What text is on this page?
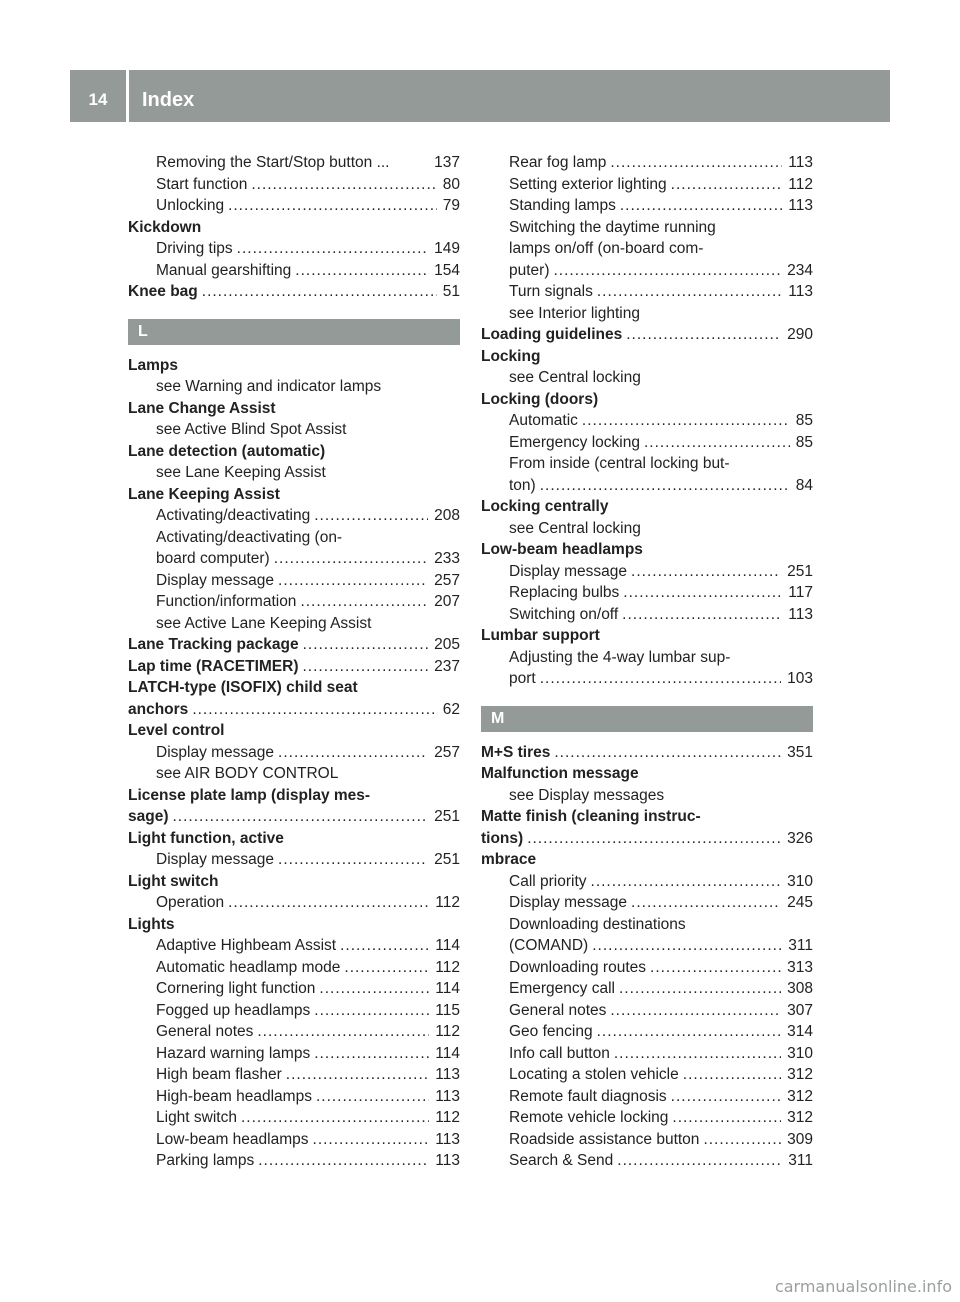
14	Index
Removing the Start/Stop button ...	137
Start function .....	80
Unlocking .....	79
Kickdown
Driving tips .....	149
Manual gearshifting .....	154
Knee bag .....	51
L
Lamps
see Warning and indicator lamps
Lane Change Assist
see Active Blind Spot Assist
Lane detection (automatic)
see Lane Keeping Assist
Lane Keeping Assist
Activating/deactivating .....	208
Activating/deactivating (on-
board computer) .....	233
Display message .....	257
Function/information .....	207
see Active Lane Keeping Assist
Lane Tracking package .....	205
Lap time (RACETIMER) .....	237
LATCH-type (ISOFIX) child seat
anchors .....	62
Level control
Display message .....	257
see AIR BODY CONTROL
License plate lamp (display mes-
sage) .....	251
Light function, active
Display message .....	251
Light switch
Operation .....	112
Lights
Adaptive Highbeam Assist .....	114
Automatic headlamp mode .....	112
Cornering light function .....	114
Fogged up headlamps .....	115
General notes .....	112
Hazard warning lamps .....	114
High beam flasher .....	113
High-beam headlamps .....	113
Light switch .....	112
Low-beam headlamps .....	113
Parking lamps .....	113
Rear fog lamp .....	113
Setting exterior lighting .....	112
Standing lamps .....	113
Switching the daytime running
lamps on/off (on-board com-
puter) .....	234
Turn signals .....	113
see Interior lighting
Loading guidelines .....	290
Locking
see Central locking
Locking (doors)
Automatic .....	85
Emergency locking .....	85
From inside (central locking but-
ton) .....	84
Locking centrally
see Central locking
Low-beam headlamps
Display message .....	251
Replacing bulbs .....	117
Switching on/off .....	113
Lumbar support
Adjusting the 4-way lumbar sup-
port .....	103
M
M+S tires .....	351
Malfunction message
see Display messages
Matte finish (cleaning instruc-
tions) .....	326
mbrace
Call priority .....	310
Display message .....	245
Downloading destinations
(COMAND) .....	311
Downloading routes .....	313
Emergency call .....	308
General notes .....	307
Geo fencing .....	314
Info call button .....	310
Locating a stolen vehicle .....	312
Remote fault diagnosis .....	312
Remote vehicle locking .....	312
Roadside assistance button .....	309
Search & Send .....	311
carmanualsonline.info
